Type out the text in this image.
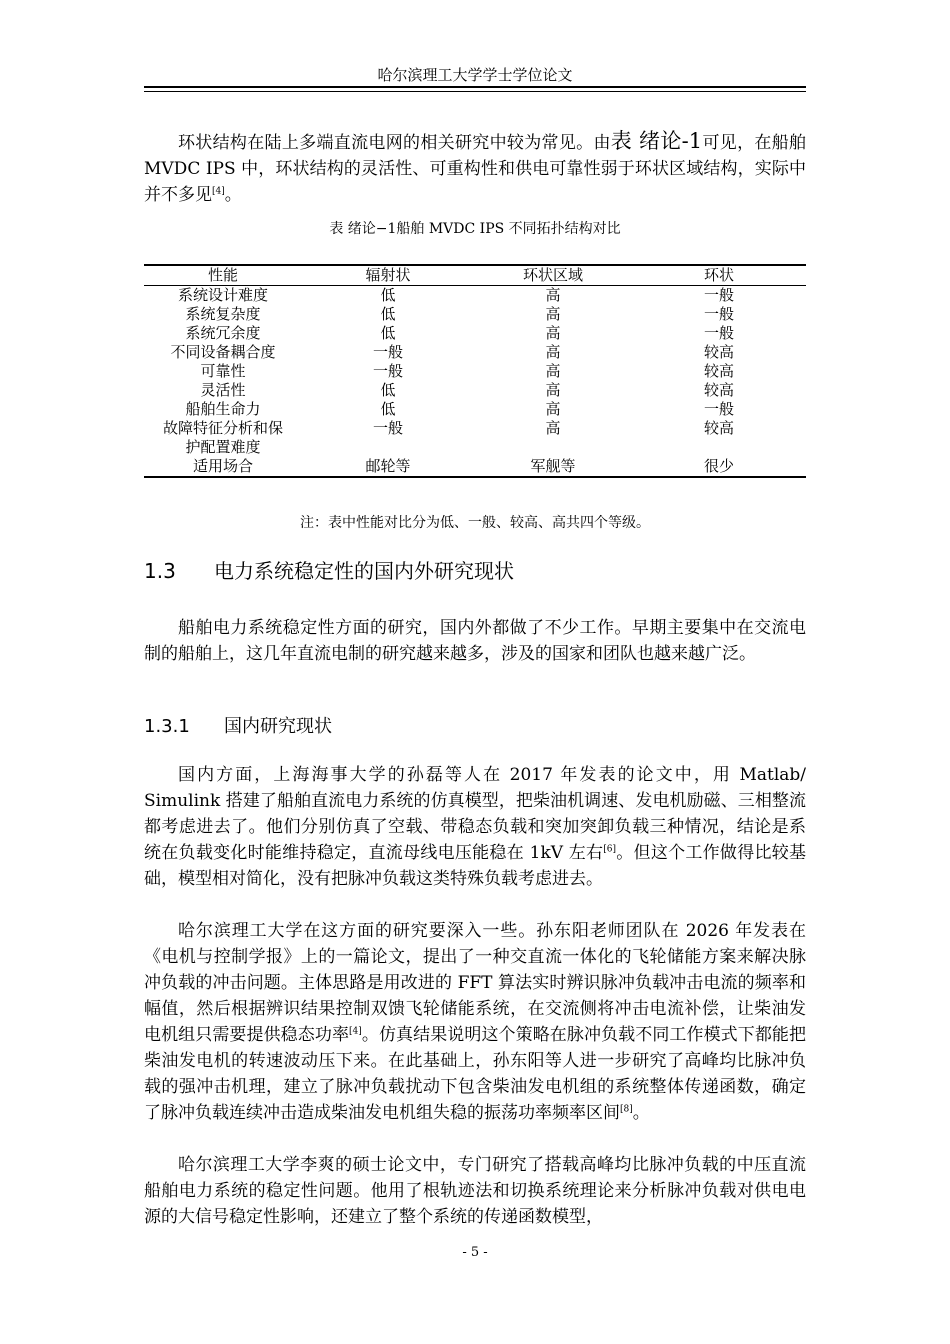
哈尔滨理工大学学士学位论文

环状结构在陆上多端直流电网的相关研究中较为常见。由表 绪论-1可见，在船舶 MVDC IPS 中，环状结构的灵活性、可重构性和供电可靠性弱于环状区域结构，实际中并不多见[4]。

表 绪论−1船舶 MVDC IPS 不同拓扑结构对比
性能	辐射状	环状区域	环状
系统设计难度	低	高	一般
系统复杂度	低	高	一般
系统冗余度	低	高	一般
不同设备耦合度	一般	高	较高
可靠性	一般	高	较高
灵活性	低	高	较高
船舶生命力	低	高	一般
故障特征分析和保	一般	高	较高
护配置难度			
适用场合	邮轮等	军舰等	很少
注：表中性能对比分为低、一般、较高、高共四个等级。
1.3 电力系统稳定性的国内外研究现状

船舶电力系统稳定性方面的研究，国内外都做了不少工作。早期主要集中在交流电制的船舶上，这几年直流电制的研究越来越多，涉及的国家和团队也越来越广泛。

1.3.1 国内研究现状

国内方面，上海海事大学的孙磊等人在 2017 年发表的论文中，用 Matlab/ Simulink 搭建了船舶直流电力系统的仿真模型，把柴油机调速、发电机励磁、三相整流都考虑进去了。他们分别仿真了空载、带稳态负载和突加突卸负载三种情况，结论是系统在负载变化时能维持稳定，直流母线电压能稳在 1kV 左右[6]。但这个工作做得比较基础，模型相对简化，没有把脉冲负载这类特殊负载考虑进去。

哈尔滨理工大学在这方面的研究要深入一些。孙东阳老师团队在 2026 年发表在《电机与控制学报》上的一篇论文，提出了一种交直流一体化的飞轮储能方案来解决脉冲负载的冲击问题。主体思路是用改进的 FFT 算法实时辨识脉冲负载冲击电流的频率和幅值，然后根据辨识结果控制双馈飞轮储能系统，在交流侧将冲击电流补偿，让柴油发电机组只需要提供稳态功率[4]。仿真结果说明这个策略在脉冲负载不同工作模式下都能把柴油发电机的转速波动压下来。在此基础上，孙东阳等人进一步研究了高峰均比脉冲负载的强冲击机理，建立了脉冲负载扰动下包含柴油发电机组的系统整体传递函数，确定了脉冲负载连续冲击造成柴油发电机组失稳的振荡功率频率区间[8]。

哈尔滨理工大学李爽的硕士论文中，专门研究了搭载高峰均比脉冲负载的中压直流船舶电力系统的稳定性问题。他用了根轨迹法和切换系统理论来分析脉冲负载对供电电源的大信号稳定性影响，还建立了整个系统的传递函数模型，

- 5 -
